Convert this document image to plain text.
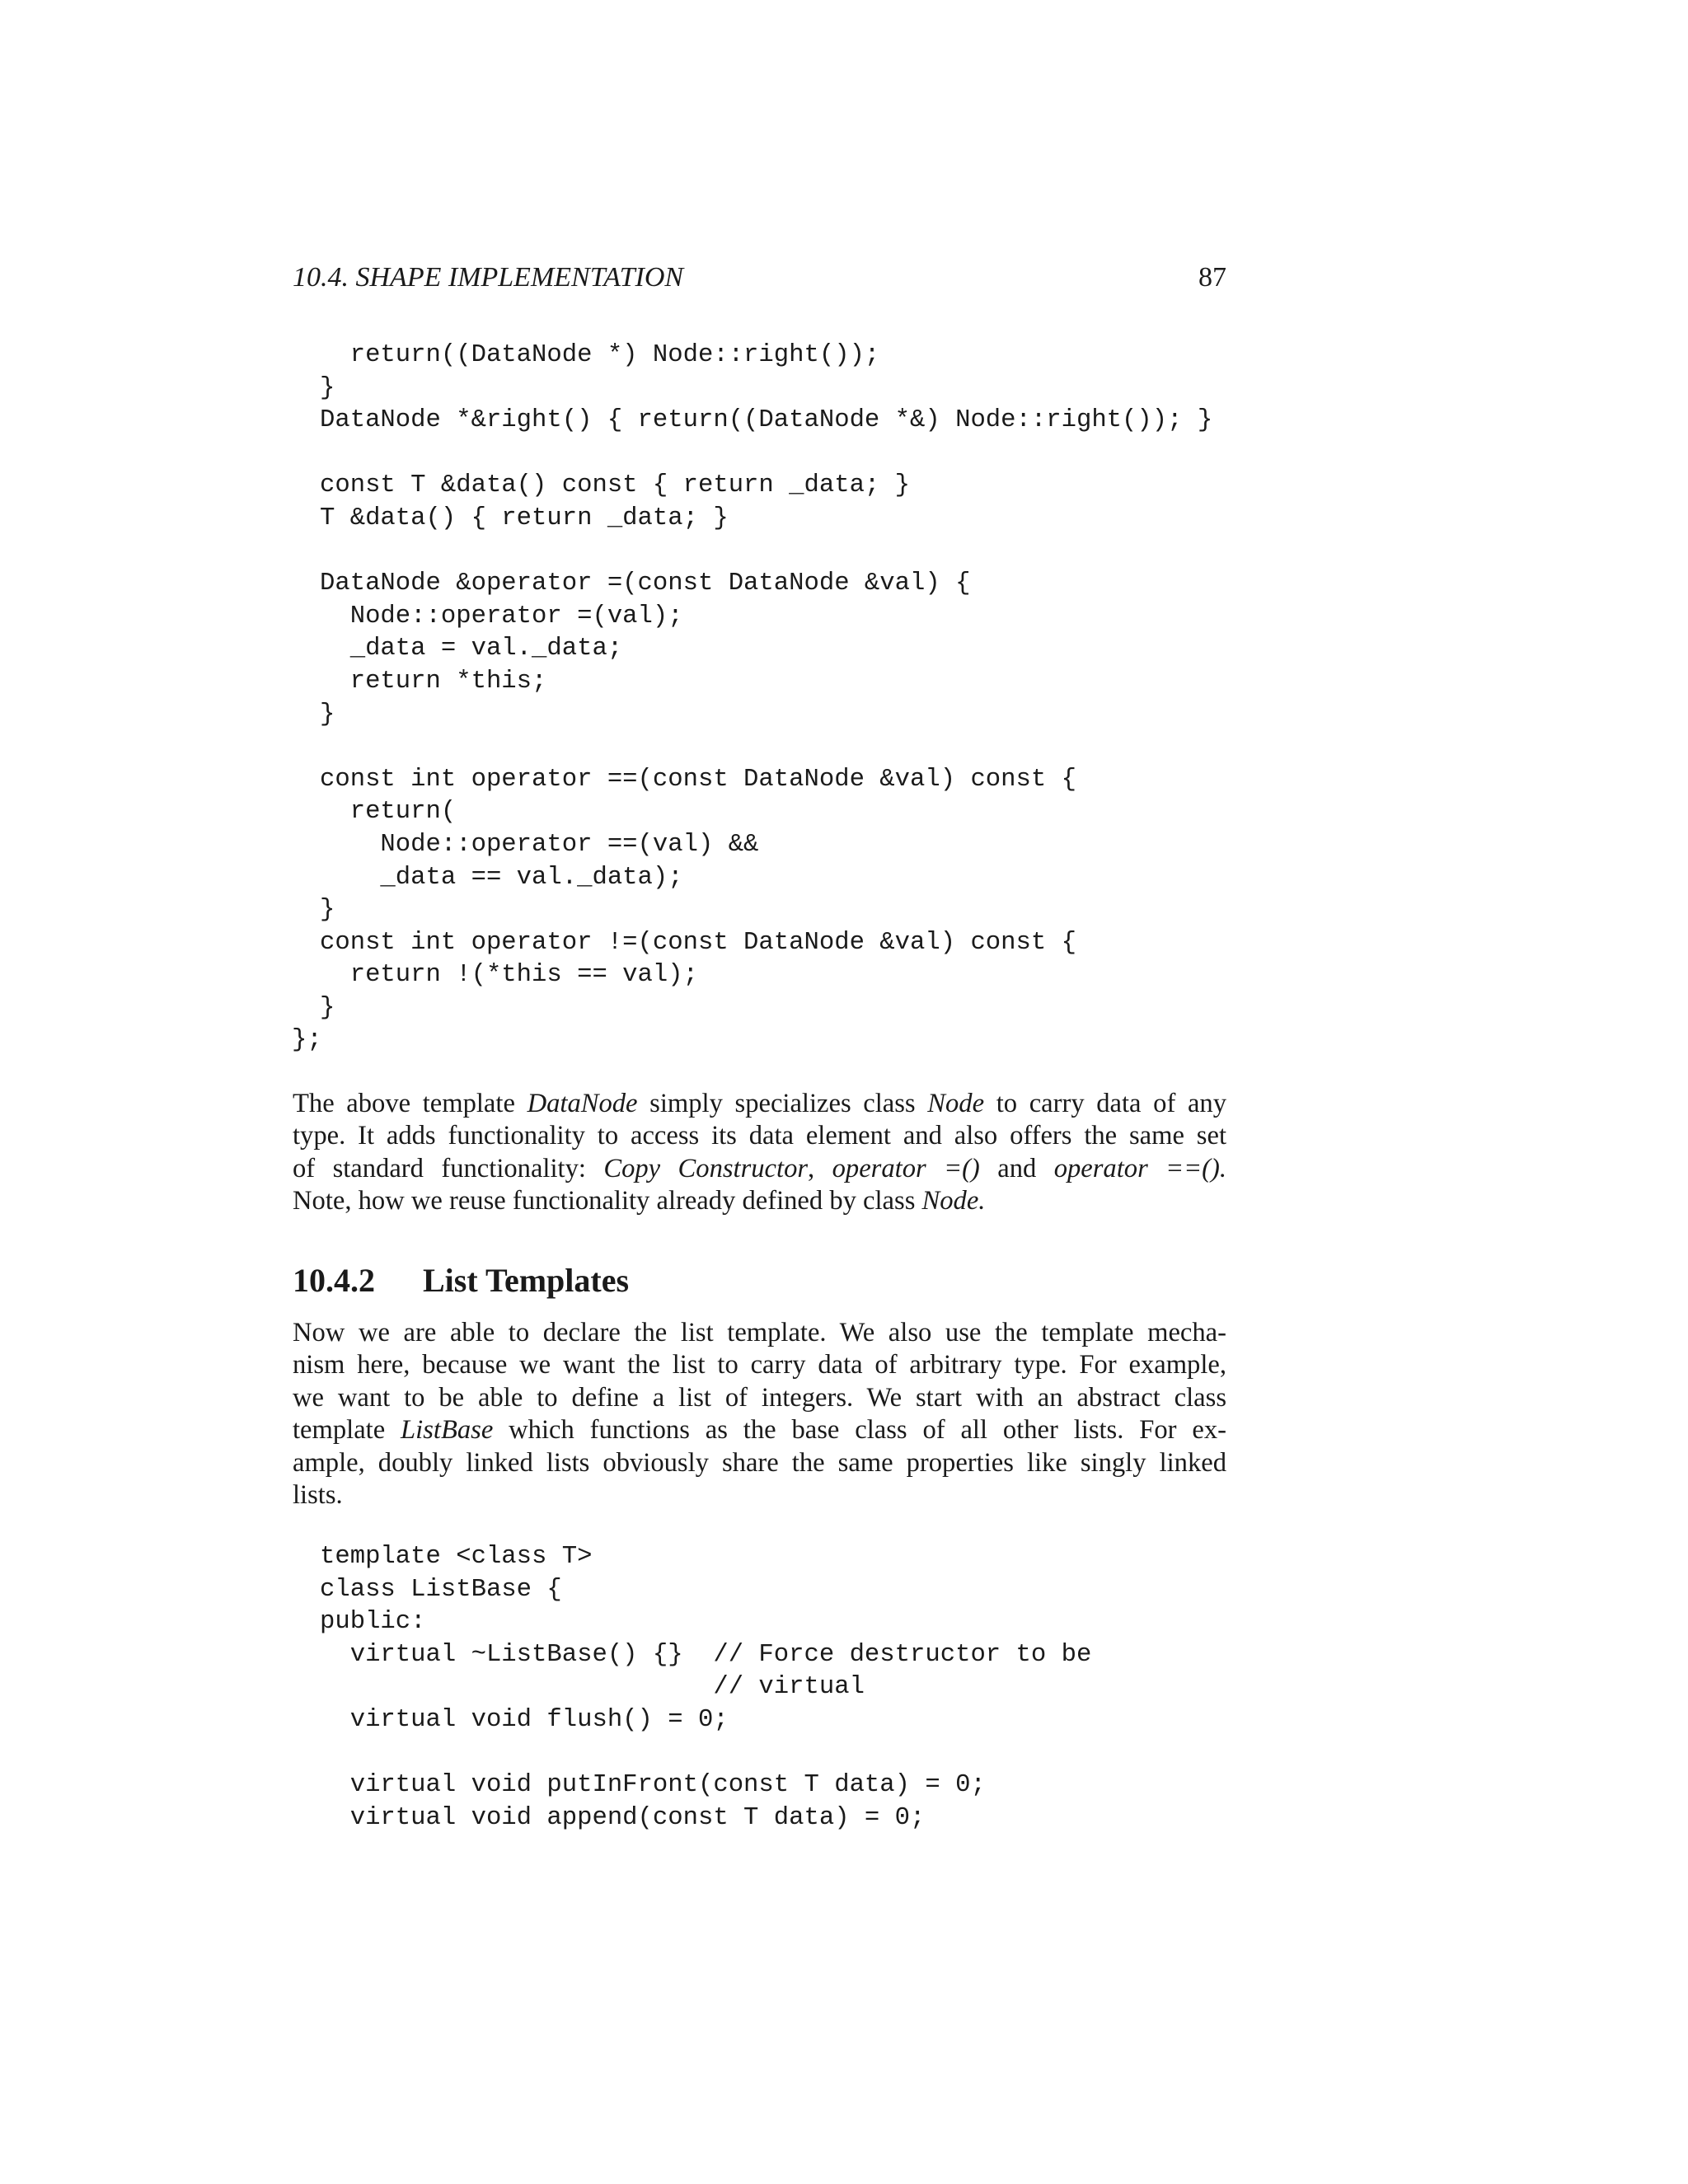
10.4. SHAPE IMPLEMENTATION	87
return((DataNode *) Node::right());
}
DataNode *&right() { return((DataNode *&) Node::right()); }
const T &data() const { return _data; }
T &data() { return _data; }
DataNode &operator =(const DataNode &val) {
Node::operator =(val);
_data = val._data;
return *this;
}
const int operator ==(const DataNode &val) const {
return(
Node::operator ==(val) &&
_data == val._data);
}
const int operator !=(const DataNode &val) const {
return !(*this == val);
}
};
The above template DataNode simply specializes class Node to carry data of any
type. It adds functionality to access its data element and also offers the same set
of standard functionality: Copy Constructor, operator =() and operator ==().
Note, how we reuse functionality already defined by class Node.
10.4.2 List Templates
Now we are able to declare the list template. We also use the template mecha-
nism here, because we want the list to carry data of arbitrary type. For example,
we want to be able to define a list of integers. We start with an abstract class
template ListBase which functions as the base class of all other lists. For ex-
ample, doubly linked lists obviously share the same properties like singly linked
lists.
template <class T>
class ListBase {
public:
virtual ~ListBase() {}  // Force destructor to be
// virtual
virtual void flush() = 0;
virtual void putInFront(const T data) = 0;
virtual void append(const T data) = 0;
